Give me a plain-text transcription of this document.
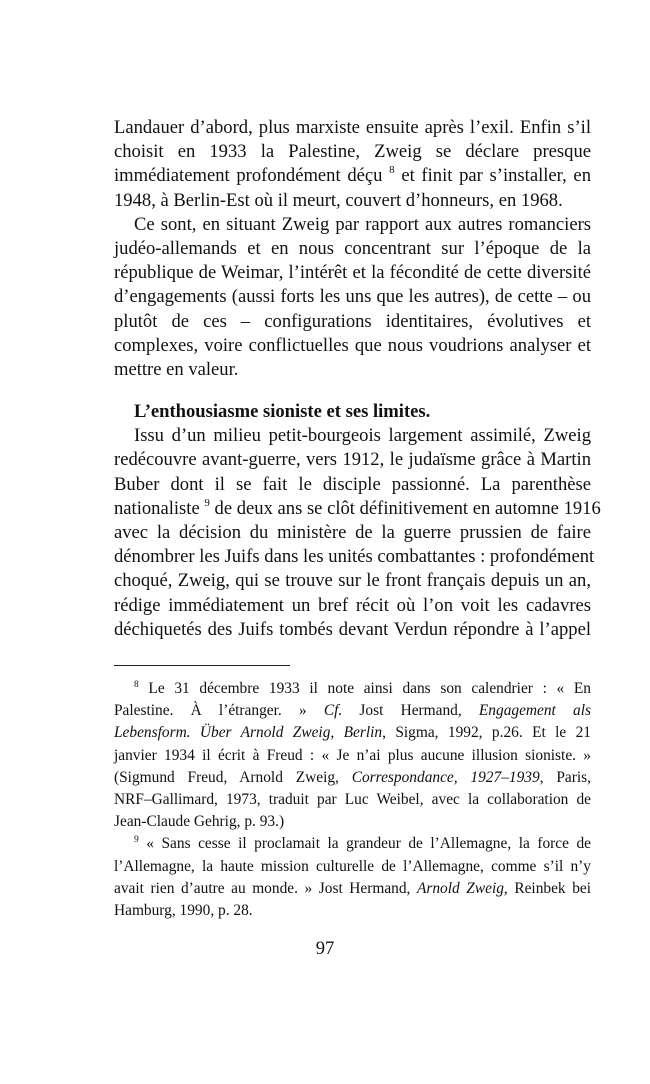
Landauer d’abord, plus marxiste ensuite après l’exil. Enfin s’il
choisit en 1933 la Palestine, Zweig se déclare presque
immédiatement profondément déçu $^8$ et finit par s’installer, en
1948, à Berlin-Est où il meurt, couvert d’honneurs, en 1968.
Ce sont, en situant Zweig par rapport aux autres romanciers
judéo-allemands et en nous concentrant sur l’époque de la
république de Weimar, l’intérêt et la fécondité de cette diversité
d’engagements (aussi forts les uns que les autres), de cette – ou
plutôt de ces – configurations identitaires, évolutives et
complexes, voire conflictuelles que nous voudrions analyser et
mettre en valeur.
L’enthousiasme sioniste et ses limites.
Issu d’un milieu petit-bourgeois largement assimilé, Zweig
redécouvre avant-guerre, vers 1912, le judaïsme grâce à Martin
Buber dont il se fait le disciple passionné. La parenthèse
nationaliste $^9$ de deux ans se clôt définitivement en automne 1916
avec la décision du ministère de la guerre prussien de faire
dénombrer les Juifs dans les unités combattantes : profondément
choqué, Zweig, qui se trouve sur le front français depuis un an,
rédige immédiatement un bref récit où l’on voit les cadavres
déchiquetés des Juifs tombés devant Verdun répondre à l’appel
$^8$ Le 31 décembre 1933 il note ainsi dans son calendrier : « En
Palestine. À l’étranger. » Cf. Jost Hermand, Engagement als
Lebensform. Über Arnold Zweig, Berlin, Sigma, 1992, p.26. Et le 21
janvier 1934 il écrit à Freud : « Je n’ai plus aucune illusion sioniste. »
(Sigmund Freud, Arnold Zweig, Correspondance, 1927–1939, Paris,
NRF–Gallimard, 1973, traduit par Luc Weibel, avec la collaboration de
Jean-Claude Gehrig, p. 93.)
$^9$ « Sans cesse il proclamait la grandeur de l’Allemagne, la force de
l’Allemagne, la haute mission culturelle de l’Allemagne, comme s’il n’y
avait rien d’autre au monde. » Jost Hermand, Arnold Zweig, Reinbek bei
Hamburg, 1990, p. 28.
97
